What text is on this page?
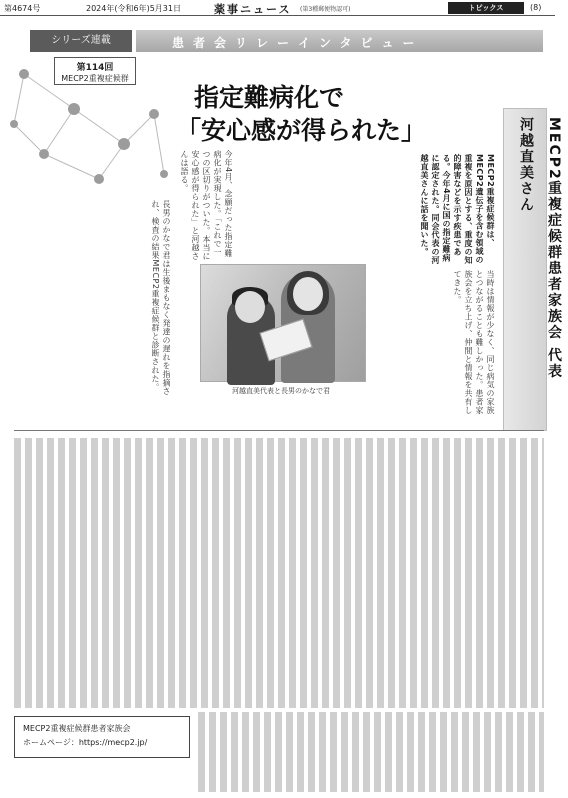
第4674号	2024年(令和6年)5月31日	薬事ニュース (第3種郵便物認可)	トピックス	(8)
シリーズ連載	患者会リレーインタビュー
第114回
MECP2重複症候群
指定難病化で
「安心感が得られた」	MECP2重複症候群患者家族会 代表
河越直美さん
MECP2重複症候群は、MECP2遺伝子を含む領域の重複を原因とする、重度の知的障害などを示す疾患である。今年4月に国の指定難病に認定された。同会代表の河越直美さんに話を聞いた。
今年4月、念願だった指定難病化が実現した。「これで一つの区切りがついた。本当に安心感が得られた」と河越さんは語る。
長男のかなで君は生後まもなく発達の遅れを指摘され、検査の結果MECP2重複症候群と診断された。	当時は情報が少なく、同じ病気の家族とつながることも難しかった。患者家族会を立ち上げ、仲間と情報を共有してきた。
河越直美代表と長男のかなで君
MECP2重複症候群患者家族会
ホームページ：https://mecp2.jp/
